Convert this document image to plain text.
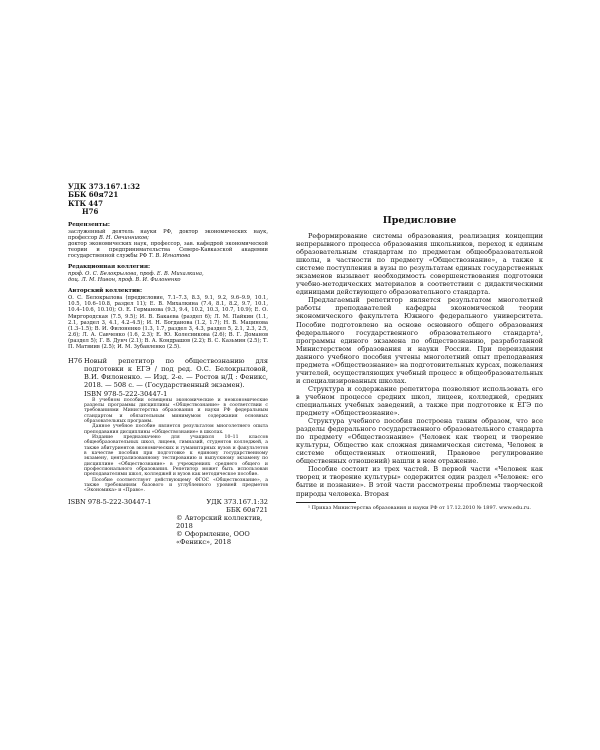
УДК 373.167.1:32
ББК 60я721
КТК 447
Н76
Рецензенты:
заслуженный деятель науки РФ, доктор экономических наук, профессор В. Н. Овчинников;
доктор экономических наук, профессор, зав. кафедрой экономической теории и предпринимательства Северо-Кавказской академии государственной службы РФ Т. В. Игнатова
Редакционная коллегия:
проф. О. С. Белокрылова, проф. Е. В. Михалкина,
доц. Л. М. Нивон, проф. В. И. Филоненко
Авторский коллектив:
О. С. Белокрылова (предисловие, 7.1–7.3, 8.3, 9.1, 9.2, 9.6–9.9, 10.1, 10.5, 10.6–10.8, раздел 11); Е. В. Михалкина (7.4, 8.1, 8.2, 9.7, 10.1, 10.4–10.6, 10.10); О. Е. Германова (9.3, 9.4, 10.2, 10.3, 10.7, 10.9); Е. О. Миргородская (7.5, 9.5); И. В. Бакаева (раздел 6); Л. М. Пайкин (1.1, 2.1, раздел 3, 4.1, 4.2–4.5); И. Н. Богданова (1.2, 1.7); Н. В. Мацинова (1.3–1.5); В. И. Филоненко (1.3, 1.7, раздел 3, 4.3, раздел 5, 2.1, 2.3, 2.5, 2.6); Л. А. Савченко (1.6, 2.3); Е. Ю. Колесникова (2.6); В. Г. Доманов (раздел 5); Г. В. Дунч (2.1); В. А. Кондрашов (2.2); В. С. Казьмин (2.5); Т. П. Матвиив (2.5); И. М. Зубавленко (2.5).
Н76 Новый репетитор по обществознанию для подготовки к ЕГЭ / под ред. О.С. Белокрыловой, В.И. Филоненко. — Изд. 2-е. — Ростов н/Д : Феникс, 2018. — 508 с. — (Государственный экзамен).
ISBN 978-5-222-30447-1

В учебном пособии освещены экономические и неэкономические разделы программы дисциплины «Обществознание» в соответствии с требованиями Министерства образования и науки РФ федеральным стандартом и обязательным минимумом содержания основных образовательных программ.

Данное учебное пособие является результатом многолетнего опыта преподавания дисциплины «Обществознание» в школах.

Издание предназначено для учащихся 10–11 классов общеобразовательных школ, лицеев, гимназий, студентов колледжей, а также абитуриентов экономических и гуманитарных вузов и факультетов в качестве пособия при подготовке к единому государственному экзамену, централизованному тестированию и выпускному экзамену по дисциплине «Обществознание» в учреждениях среднего общего и профессионального образования. Репетитор может быть использован преподавателями школ, колледжей и вузов как методическое пособие.

Пособие соответствует действующему ФГОС «Обществознание», а также требованиям базового и углубленного уровней предметов «Экономика» и «Право».

ISBN 978-5-222-30447-1	УДК 373.167.1:32
ББК 60я721
© Авторский коллектив, 2018
© Оформление, ООО «Феникс», 2018
Предисловие

Реформирование системы образования, реализация концепции непрерывного процесса образования школьников, переход к единым образовательным стандартам по предметам общеобразовательной школы, в частности по предмету «Обществознание», а также к системе поступления в вузы по результатам единых государственных экзаменов вызывает необходимость совершенствования подготовки учебно-методических материалов в соответствии с дидактическими единицами действующего образовательного стандарта.

Предлагаемый репетитор является результатом многолетней работы преподавателей кафедры экономической теории экономического факультета Южного федерального университета. Пособие подготовлено на основе основного общего образования федерального государственного образовательного стандарта¹, программы единого экзамена по обществознанию, разработанной Министерством образования и науки России. При переиздании данного учебного пособия учтены многолетний опыт преподавания предмета «Обществознание» на подготовительных курсах, пожелания учителей, осуществляющих учебный процесс в общеобразовательных и специализированных школах.

Структура и содержание репетитора позволяют использовать его в учебном процессе средних школ, лицеев, колледжей, средних специальных учебных заведений, а также при подготовке к ЕГЭ по предмету «Обществознание».

Структура учебного пособия построена таким образом, что все разделы федерального государственного образовательного стандарта по предмету «Обществознание» (Человек как творец и творение культуры, Общество как сложная динамическая система, Человек в системе общественных отношений, Правовое регулирование общественных отношений) нашли в нем отражение.

Пособие состоит из трех частей. В первой части «Человек как творец и творение культуры» содержится один раздел «Человек: его бытие и познание». В этой части рассмотрены проблемы творческой природы человека. Вторая

¹ Приказ Министерства образования и науки РФ от 17.12.2010 № 1897. www.edu.ru.
